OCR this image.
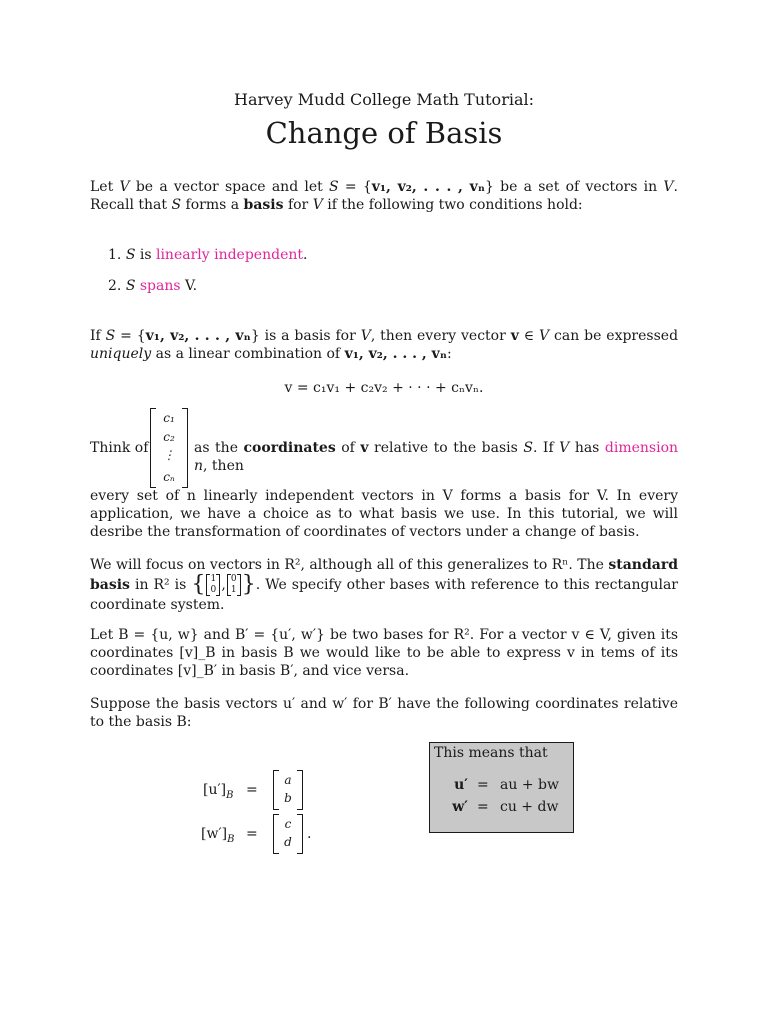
Harvey Mudd College Math Tutorial:
Change of Basis
Let V be a vector space and let S = {v₁, v₂, . . . , vₙ} be a set of vectors in V. Recall that S forms a basis for V if the following two conditions hold:
1. S is linearly independent.
2. S spans V.
If S = {v₁, v₂, . . . , vₙ} is a basis for V, then every vector v ∈ V can be expressed uniquely as a linear combination of v₁, v₂, . . . , vₙ:
v = c₁v₁ + c₂v₂ + · · · + cₙvₙ.
Think of
c₁
c₂
⋮
cₙ
as the coordinates of v relative to the basis S. If V has dimension n, then
every set of n linearly independent vectors in V forms a basis for V. In every application, we have a choice as to what basis we use. In this tutorial, we will desribe the transformation of coordinates of vectors under a change of basis.
We will focus on vectors in R², although all of this generalizes to Rⁿ. The standard basis in R² is { 1
0 , 0
1 }. We specify other bases with reference to this rectangular coordinate system.
Let B = {u, w} and B′ = {u′, w′} be two bases for R². For a vector v ∈ V, given its coordinates [v]_B in basis B we would like to be able to express v in tems of its coordinates [v]_B′ in basis B′, and vice versa.
Suppose the basis vectors u′ and w′ for B′ have the following coordinates relative to the basis B:
$[u']_B$ =
a
b
$[w']_B$ =
c
d	.
This means that
u′ = au + bw
w′ = cu + dw
